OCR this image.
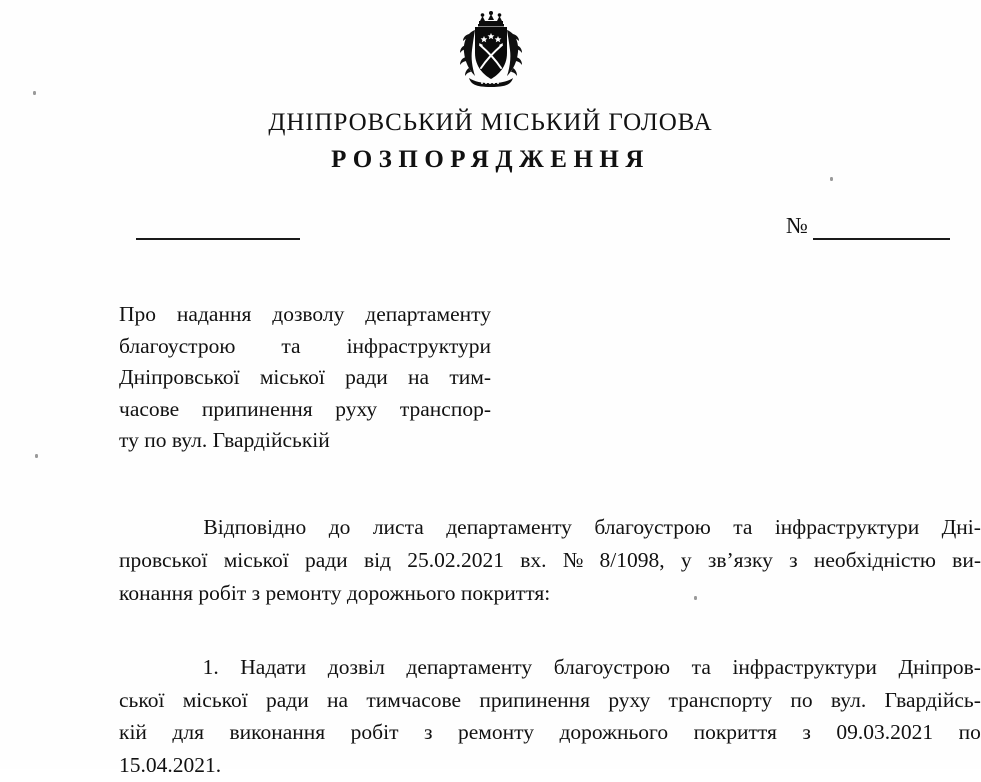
ДНІПРОВСЬКИЙ МІСЬКИЙ ГОЛОВА
РОЗПОРЯДЖЕННЯ
№
Про надання дозволу департаменту
благоустрою та інфраструктури
Дніпровської міської ради на тим-
часове припинення руху транспор-
ту по вул. Гвардійській
Відповідно до листа департаменту благоустрою та інфраструктури Дні-
провської міської ради від 25.02.2021 вх. № 8/1098, у зв’язку з необхідністю ви-
конання робіт з ремонту дорожнього покриття:
1. Надати дозвіл департаменту благоустрою та інфраструктури Дніпров-
ської міської ради на тимчасове припинення руху транспорту по вул. Гвардійсь-
кій для виконання робіт з ремонту дорожнього покриття з 09.03.2021 по
15.04.2021.
